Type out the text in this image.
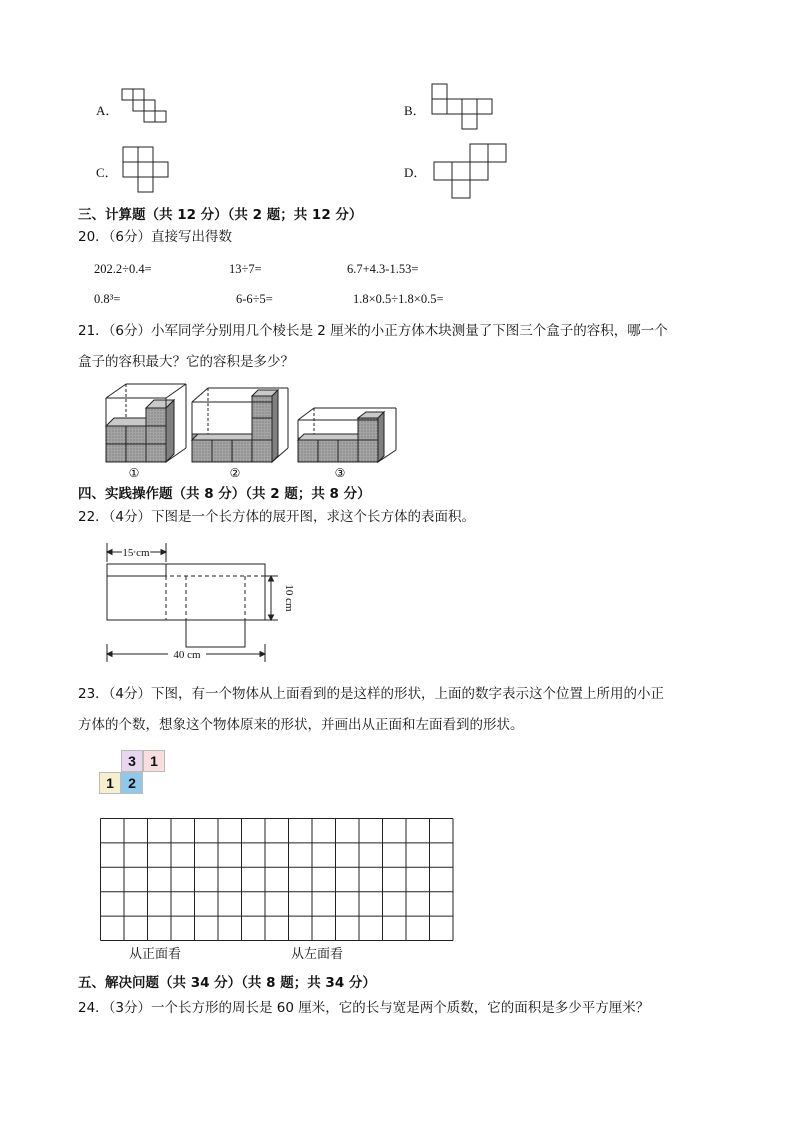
A．	B．
C．	D．
三、计算题（共 12 分）（共 2 题；共 12 分）
20．（6分）直接写出得数
202.2÷0.4=	13÷7=	6.7+4.3-1.53=
0.8³=	6-6÷5=	1.8×0.5÷1.8×0.5=
21．（6分）小军同学分别用几个棱长是 2 厘米的小正方体木块测量了下图三个盒子的容积，哪一个
盒子的容积最大？它的容积是多少？
①	②	③
四、实践操作题（共 8 分）（共 2 题；共 8 分）
22．（4分）下图是一个长方体的展开图，求这个长方体的表面积。
15 cm
10 cm
40 cm
23．（4分）下图，有一个物体从上面看到的是这样的形状，上面的数字表示这个位置上所用的小正
方体的个数，想象这个物体原来的形状，并画出从正面和左面看到的形状。
3	1
1	2
从正面看	从左面看
五、解决问题（共 34 分）（共 8 题；共 34 分）
24．（3分）一个长方形的周长是 60 厘米，它的长与宽是两个质数，它的面积是多少平方厘米？
